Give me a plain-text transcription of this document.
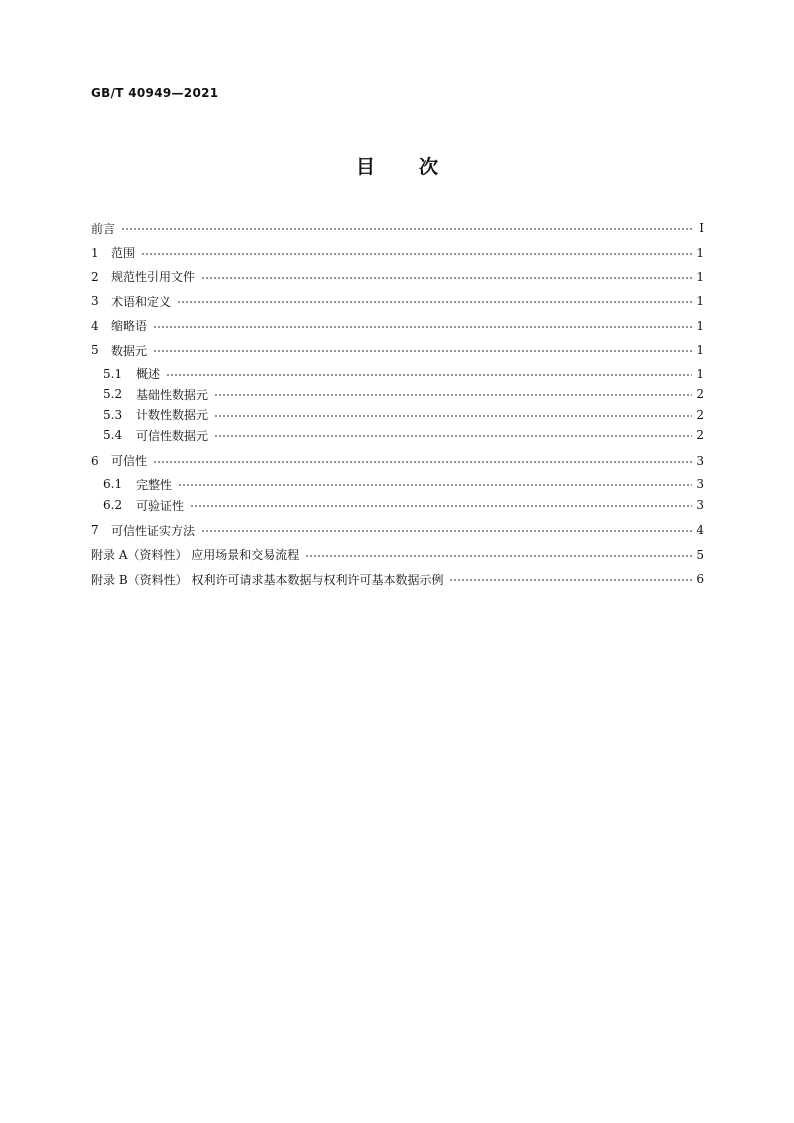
GB/T 40949—2021
目 次
前言	Ⅰ
1	范围	1
2	规范性引用文件	1
3	术语和定义	1
4	缩略语	1
5	数据元	1
5.1	概述	1
5.2	基础性数据元	2
5.3	计数性数据元	2
5.4	可信性数据元	2
6	可信性	3
6.1	完整性	3
6.2	可验证性	3
7	可信性证实方法	4
附录 A（资料性） 应用场景和交易流程	5
附录 B（资料性） 权利许可请求基本数据与权利许可基本数据示例	6
